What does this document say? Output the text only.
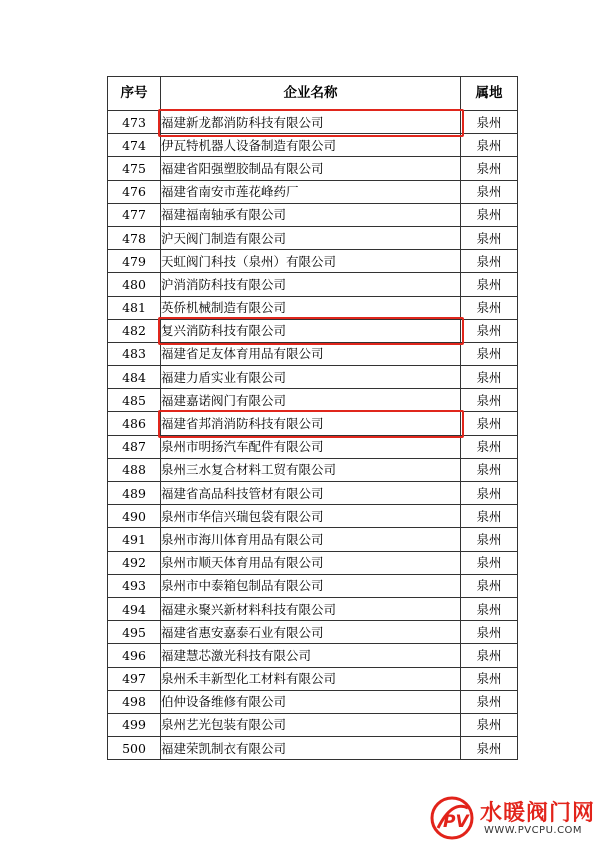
序号	企业名称	属地
473	福建新龙都消防科技有限公司	泉州
474	伊瓦特机器人设备制造有限公司	泉州
475	福建省阳强塑胶制品有限公司	泉州
476	福建省南安市莲花峰药厂	泉州
477	福建福南轴承有限公司	泉州
478	沪天阀门制造有限公司	泉州
479	天虹阀门科技（泉州）有限公司	泉州
480	沪消消防科技有限公司	泉州
481	英侨机械制造有限公司	泉州
482	复兴消防科技有限公司	泉州
483	福建省足友体育用品有限公司	泉州
484	福建力盾实业有限公司	泉州
485	福建嘉诺阀门有限公司	泉州
486	福建省邦消消防科技有限公司	泉州
487	泉州市明扬汽车配件有限公司	泉州
488	泉州三水复合材料工贸有限公司	泉州
489	福建省高品科技管材有限公司	泉州
490	泉州市华信兴瑞包袋有限公司	泉州
491	泉州市海川体育用品有限公司	泉州
492	泉州市顺天体育用品有限公司	泉州
493	泉州市中泰箱包制品有限公司	泉州
494	福建永聚兴新材料科技有限公司	泉州
495	福建省惠安嘉泰石业有限公司	泉州
496	福建慧芯激光科技有限公司	泉州
497	泉州禾丰新型化工材料有限公司	泉州
498	伯仲设备维修有限公司	泉州
499	泉州艺光包装有限公司	泉州
500	福建荣凯制衣有限公司	泉州
PV 水暖阀门网
WWW.PVCPU.COM
